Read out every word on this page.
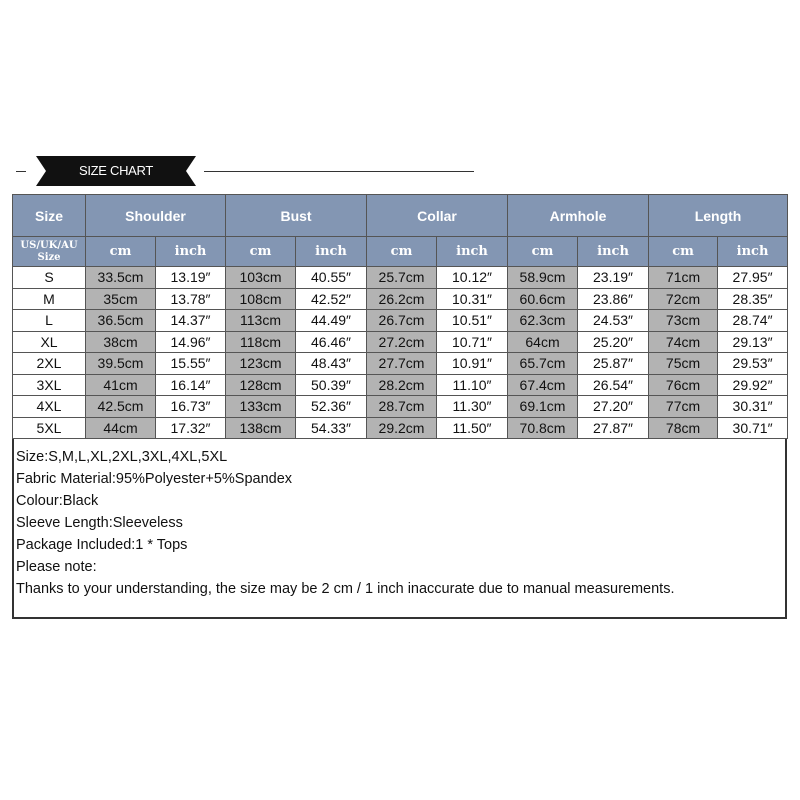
SIZE CHART
Size	Shoulder		Bust		Collar		Armhole		Length	

US/UK/AU
Size	cm	inch	cm	inch	cm	inch	cm	inch	cm	inch
S	33.5cm	13.19″	103cm	40.55″	25.7cm	10.12″	58.9cm	23.19″	71cm	27.95″
M	35cm	13.78″	108cm	42.52″	26.2cm	10.31″	60.6cm	23.86″	72cm	28.35″
L	36.5cm	14.37″	113cm	44.49″	26.7cm	10.51″	62.3cm	24.53″	73cm	28.74″
XL	38cm	14.96″	118cm	46.46″	27.2cm	10.71″	64cm	25.20″	74cm	29.13″
2XL	39.5cm	15.55″	123cm	48.43″	27.7cm	10.91″	65.7cm	25.87″	75cm	29.53″
3XL	41cm	16.14″	128cm	50.39″	28.2cm	11.10″	67.4cm	26.54″	76cm	29.92″
4XL	42.5cm	16.73″	133cm	52.36″	28.7cm	11.30″	69.1cm	27.20″	77cm	30.31″
5XL	44cm	17.32″	138cm	54.33″	29.2cm	11.50″	70.8cm	27.87″	78cm	30.71″
Size:S,M,L,XL,2XL,3XL,4XL,5XL
Fabric Material:95%Polyester+5%Spandex
Colour:Black
Sleeve Length:Sleeveless
Package Included:1 * Tops
Please note:
Thanks to your understanding, the size may be 2 cm / 1 inch inaccurate due to manual measurements.
